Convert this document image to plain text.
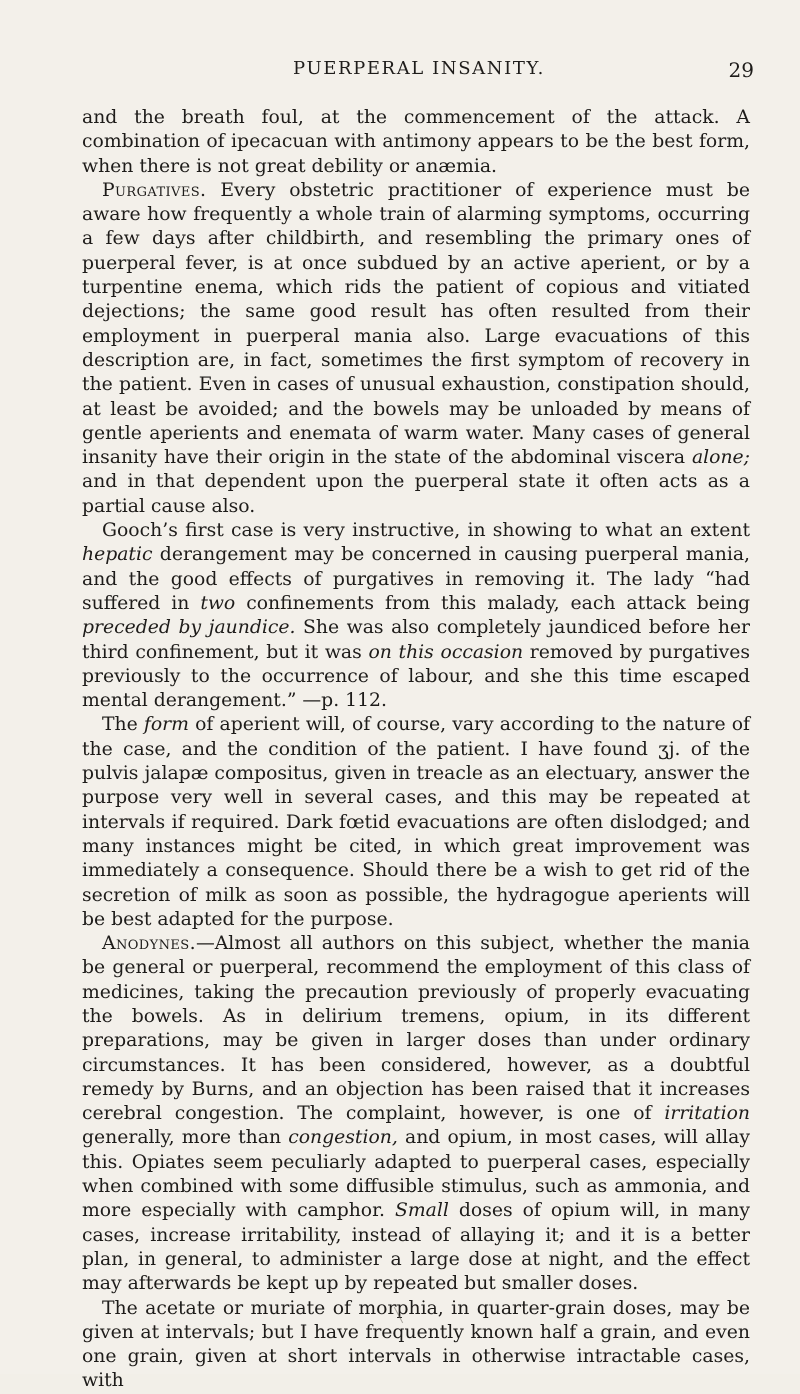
PUERPERAL INSANITY.	29

and the breath foul, at the commencement of the attack. A combination of ipecacuan with antimony appears to be the best form, when there is not great debility or anæmia.

Purgatives. Every obstetric practitioner of experience must be aware how frequently a whole train of alarming symptoms, occurring a few days after childbirth, and resembling the primary ones of puerperal fever, is at once subdued by an active aperient, or by a turpentine enema, which rids the patient of copious and vitiated dejections; the same good result has often resulted from their employment in puerperal mania also. Large evacuations of this description are, in fact, sometimes the first symptom of recovery in the patient. Even in cases of unusual exhaustion, constipation should, at least be avoided; and the bowels may be unloaded by means of gentle aperients and enemata of warm water. Many cases of general insanity have their origin in the state of the abdominal viscera alone; and in that dependent upon the puerperal state it often acts as a partial cause also.

Gooch’s first case is very instructive, in showing to what an extent hepatic derangement may be concerned in causing puerperal mania, and the good effects of purgatives in removing it. The lady “had suffered in two confinements from this malady, each attack being preceded by jaundice. She was also completely jaundiced before her third confinement, but it was on this occasion removed by purgatives previously to the occurrence of labour, and she this time escaped mental derangement.” —p. 112.

The form of aperient will, of course, vary according to the nature of the case, and the condition of the patient. I have found ʒj. of the pulvis jalapæ compositus, given in treacle as an electuary, answer the purpose very well in several cases, and this may be repeated at intervals if required. Dark fœtid evacuations are often dislodged; and many instances might be cited, in which great improvement was immediately a consequence. Should there be a wish to get rid of the secretion of milk as soon as possible, the hydragogue aperients will be best adapted for the purpose.

Anodynes.—Almost all authors on this subject, whether the mania be general or puerperal, recommend the employment of this class of medicines, taking the precaution previously of properly evacuating the bowels. As in delirium tremens, opium, in its different preparations, may be given in larger doses than under ordinary circumstances. It has been considered, however, as a doubtful remedy by Burns, and an objection has been raised that it increases cerebral congestion. The complaint, however, is one of irritation generally, more than congestion, and opium, in most cases, will allay this. Opiates seem peculiarly adapted to puerperal cases, especially when combined with some diffusible stimulus, such as ammonia, and more especially with camphor. Small doses of opium will, in many cases, increase irritability, instead of allaying it; and it is a better plan, in general, to administer a large dose at night, and the effect may afterwards be kept up by repeated but smaller doses.

The acetate or muriate of morphia, in quarter-grain doses, may be given at intervals; but I have frequently known half a grain, and even one grain, given at short intervals in otherwise intractable cases, with
